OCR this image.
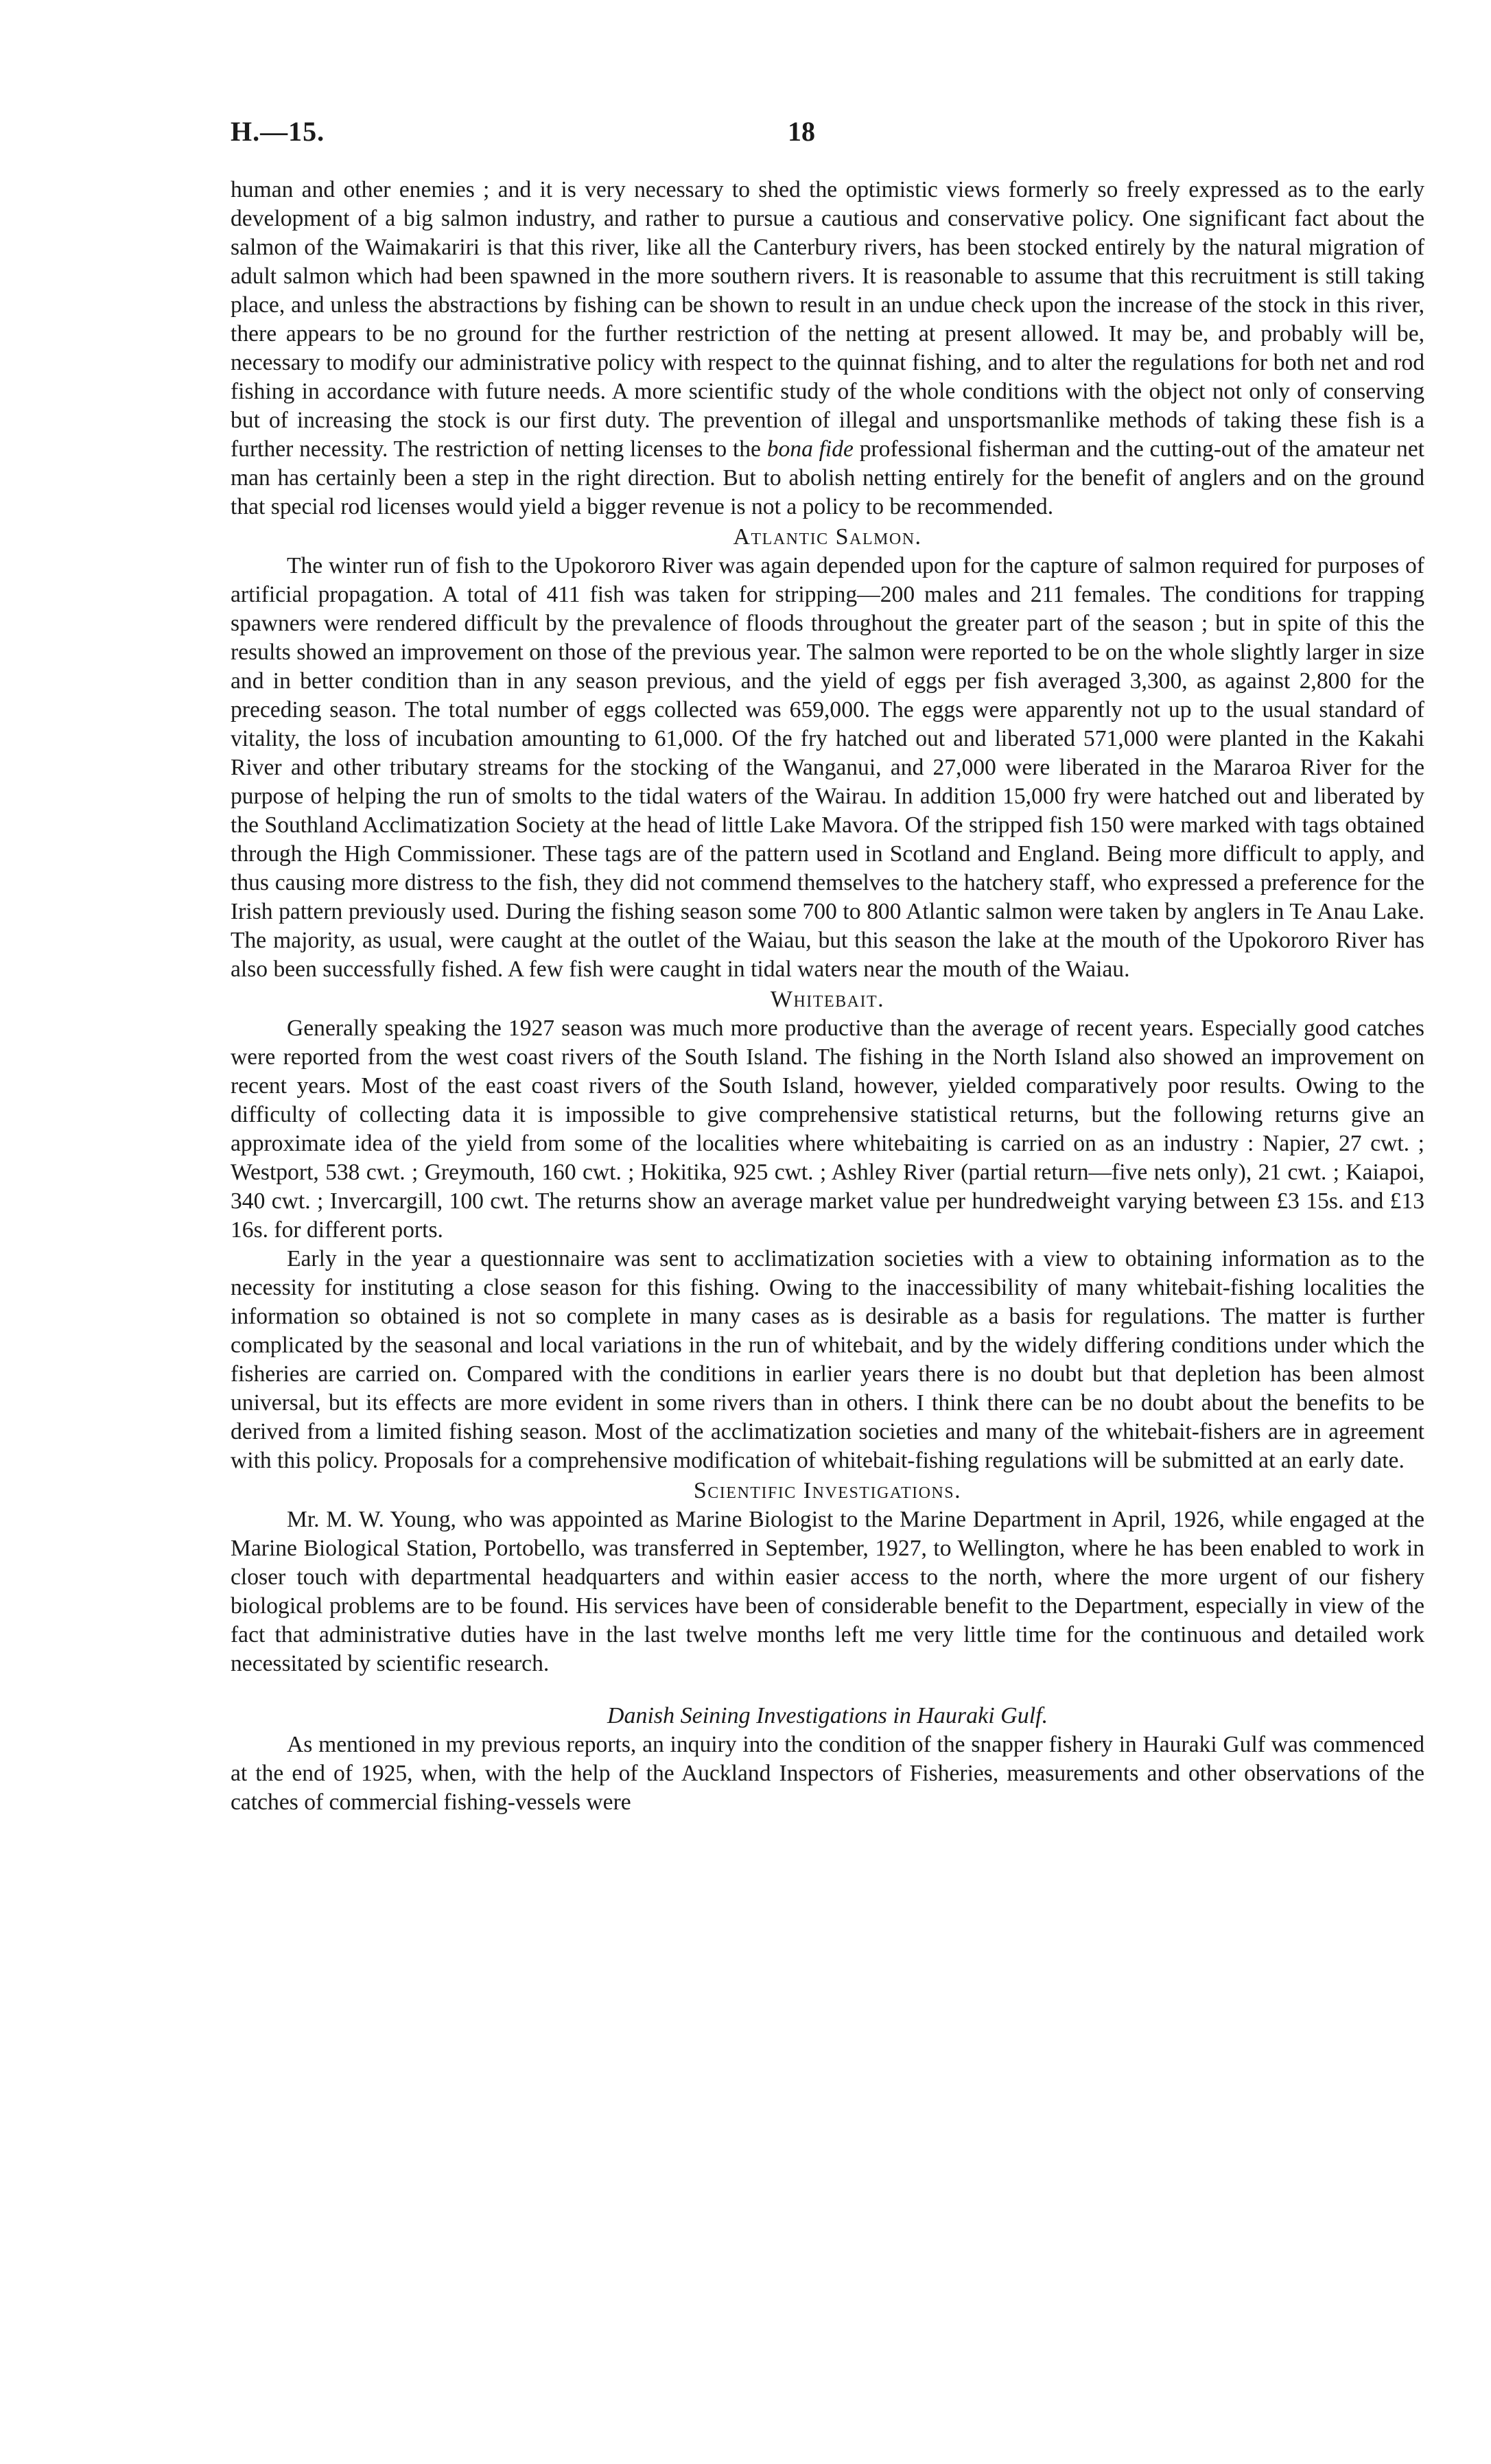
H.—15.	18

human and other enemies ; and it is very necessary to shed the optimistic views formerly so freely expressed as to the early development of a big salmon industry, and rather to pursue a cautious and conservative policy. One significant fact about the salmon of the Waimakariri is that this river, like all the Canterbury rivers, has been stocked entirely by the natural migration of adult salmon which had been spawned in the more southern rivers. It is reasonable to assume that this recruitment is still taking place, and unless the abstractions by fishing can be shown to result in an undue check upon the increase of the stock in this river, there appears to be no ground for the further restriction of the netting at present allowed. It may be, and probably will be, necessary to modify our administrative policy with respect to the quinnat fishing, and to alter the regulations for both net and rod fishing in accordance with future needs. A more scientific study of the whole conditions with the object not only of conserving but of increasing the stock is our first duty. The prevention of illegal and unsportsmanlike methods of taking these fish is a further necessity. The restriction of netting licenses to the bona fide professional fisherman and the cutting-out of the amateur net man has certainly been a step in the right direction. But to abolish netting entirely for the benefit of anglers and on the ground that special rod licenses would yield a bigger revenue is not a policy to be recommended.

Atlantic Salmon.

The winter run of fish to the Upokororo River was again depended upon for the capture of salmon required for purposes of artificial propagation. A total of 411 fish was taken for stripping—200 males and 211 females. The conditions for trapping spawners were rendered difficult by the prevalence of floods throughout the greater part of the season ; but in spite of this the results showed an improvement on those of the previous year. The salmon were reported to be on the whole slightly larger in size and in better condition than in any season previous, and the yield of eggs per fish averaged 3,300, as against 2,800 for the preceding season. The total number of eggs collected was 659,000. The eggs were apparently not up to the usual standard of vitality, the loss of incubation amounting to 61,000. Of the fry hatched out and liberated 571,000 were planted in the Kakahi River and other tributary streams for the stocking of the Wanganui, and 27,000 were liberated in the Mararoa River for the purpose of helping the run of smolts to the tidal waters of the Wairau. In addition 15,000 fry were hatched out and liberated by the Southland Acclimatization Society at the head of little Lake Mavora. Of the stripped fish 150 were marked with tags obtained through the High Commissioner. These tags are of the pattern used in Scotland and England. Being more difficult to apply, and thus causing more distress to the fish, they did not commend themselves to the hatchery staff, who expressed a preference for the Irish pattern previously used. During the fishing season some 700 to 800 Atlantic salmon were taken by anglers in Te Anau Lake. The majority, as usual, were caught at the outlet of the Waiau, but this season the lake at the mouth of the Upokororo River has also been successfully fished. A few fish were caught in tidal waters near the mouth of the Waiau.

Whitebait.

Generally speaking the 1927 season was much more productive than the average of recent years. Especially good catches were reported from the west coast rivers of the South Island. The fishing in the North Island also showed an improvement on recent years. Most of the east coast rivers of the South Island, however, yielded comparatively poor results. Owing to the difficulty of collecting data it is impossible to give comprehensive statistical returns, but the following returns give an approximate idea of the yield from some of the localities where whitebaiting is carried on as an industry : Napier, 27 cwt. ; Westport, 538 cwt. ; Greymouth, 160 cwt. ; Hokitika, 925 cwt. ; Ashley River (partial return—five nets only), 21 cwt. ; Kaiapoi, 340 cwt. ; Invercargill, 100 cwt. The returns show an average market value per hundredweight varying between £3 15s. and £13 16s. for different ports.

Early in the year a questionnaire was sent to acclimatization societies with a view to obtaining information as to the necessity for instituting a close season for this fishing. Owing to the inaccessibility of many whitebait-fishing localities the information so obtained is not so complete in many cases as is desirable as a basis for regulations. The matter is further complicated by the seasonal and local variations in the run of whitebait, and by the widely differing conditions under which the fisheries are carried on. Compared with the conditions in earlier years there is no doubt but that depletion has been almost universal, but its effects are more evident in some rivers than in others. I think there can be no doubt about the benefits to be derived from a limited fishing season. Most of the acclimatization societies and many of the whitebait-fishers are in agreement with this policy. Proposals for a comprehensive modification of whitebait-fishing regulations will be submitted at an early date.

Scientific Investigations.

Mr. M. W. Young, who was appointed as Marine Biologist to the Marine Department in April, 1926, while engaged at the Marine Biological Station, Portobello, was transferred in September, 1927, to Wellington, where he has been enabled to work in closer touch with departmental headquarters and within easier access to the north, where the more urgent of our fishery biological problems are to be found. His services have been of considerable benefit to the Department, especially in view of the fact that administrative duties have in the last twelve months left me very little time for the continuous and detailed work necessitated by scientific research.

Danish Seining Investigations in Hauraki Gulf.

As mentioned in my previous reports, an inquiry into the condition of the snapper fishery in Hauraki Gulf was commenced at the end of 1925, when, with the help of the Auckland Inspectors of Fisheries, measurements and other observations of the catches of commercial fishing-vessels were
